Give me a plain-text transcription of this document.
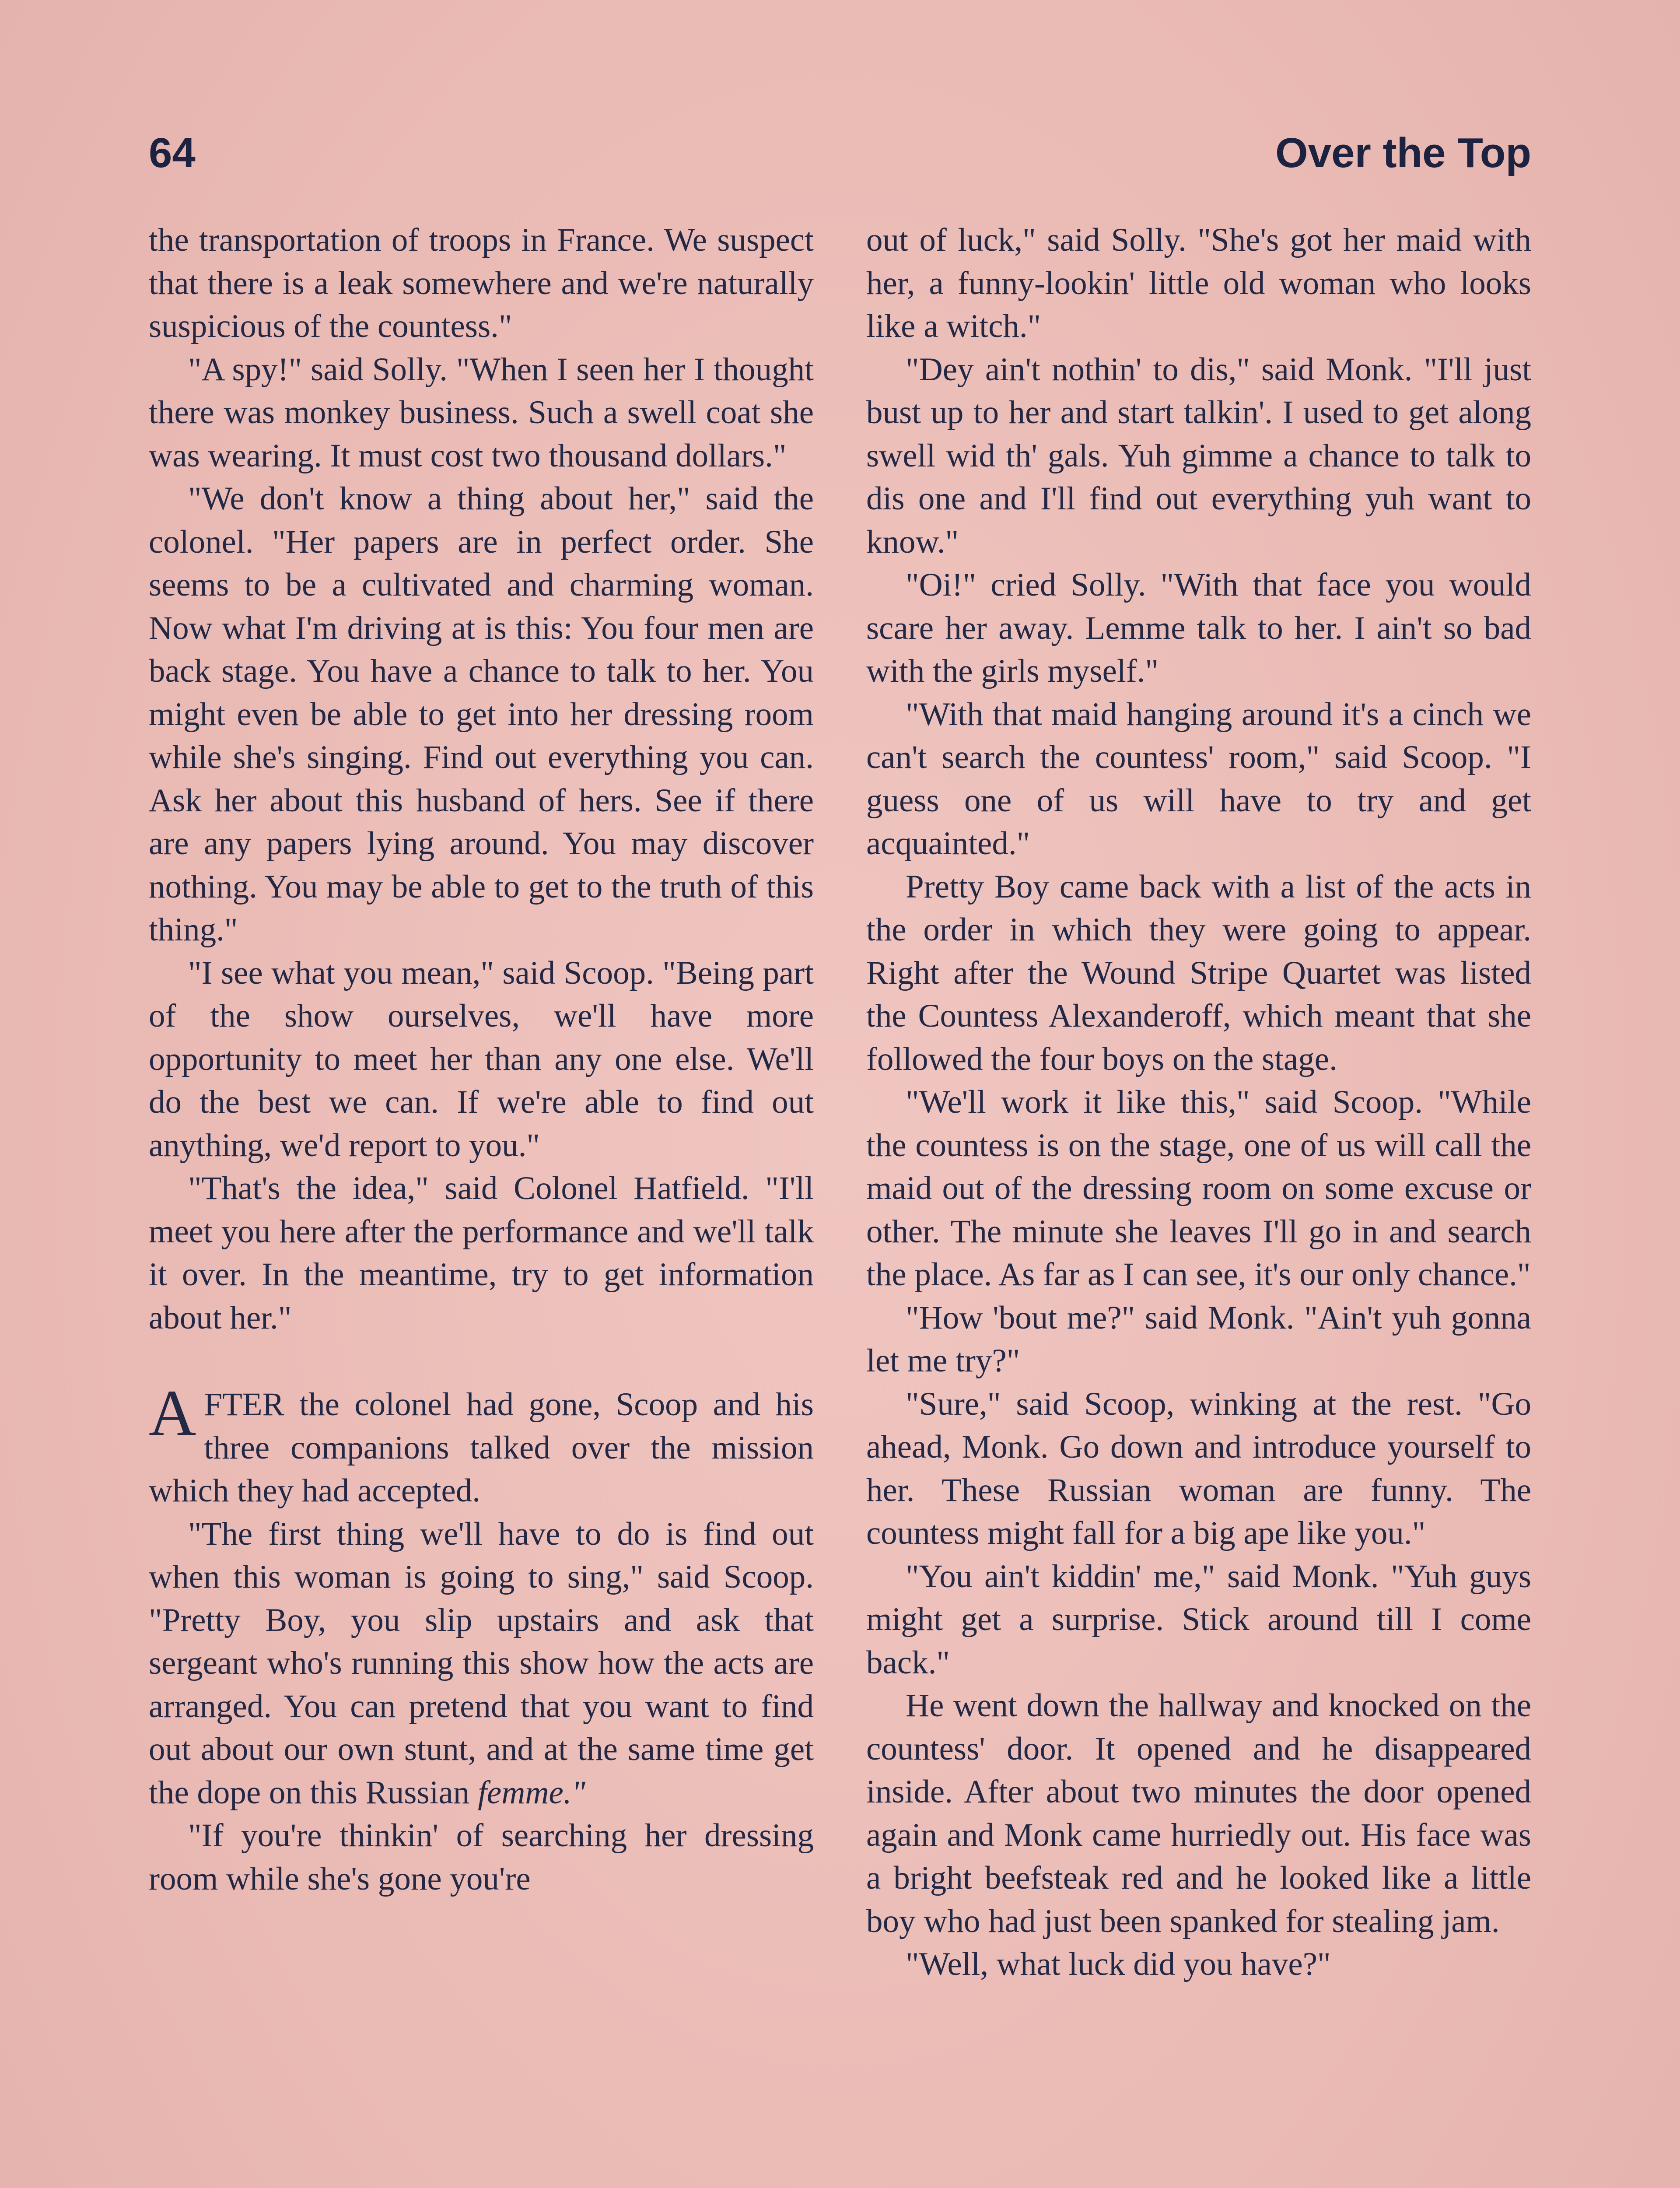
64	Over the Top

the transportation of troops in France. We suspect that there is a leak somewhere and we're naturally suspicious of the countess."

"A spy!" said Solly. "When I seen her I thought there was monkey business. Such a swell coat she was wearing. It must cost two thousand dollars."

"We don't know a thing about her," said the colonel. "Her papers are in perfect order. She seems to be a cultivated and charming woman. Now what I'm driving at is this: You four men are back stage. You have a chance to talk to her. You might even be able to get into her dressing room while she's singing. Find out everything you can. Ask her about this husband of hers. See if there are any papers lying around. You may discover nothing. You may be able to get to the truth of this thing."

"I see what you mean," said Scoop. "Being part of the show ourselves, we'll have more opportunity to meet her than any one else. We'll do the best we can. If we're able to find out anything, we'd report to you."

"That's the idea," said Colonel Hatfield. "I'll meet you here after the performance and we'll talk it over. In the meantime, try to get information about her."

AFTER the colonel had gone, Scoop and his three companions talked over the mission which they had accepted.

"The first thing we'll have to do is find out when this woman is going to sing," said Scoop. "Pretty Boy, you slip upstairs and ask that sergeant who's running this show how the acts are arranged. You can pretend that you want to find out about our own stunt, and at the same time get the dope on this Russian femme."

"If you're thinkin' of searching her dressing room while she's gone you're

out of luck," said Solly. "She's got her maid with her, a funny-lookin' little old woman who looks like a witch."

"Dey ain't nothin' to dis," said Monk. "I'll just bust up to her and start talkin'. I used to get along swell wid th' gals. Yuh gimme a chance to talk to dis one and I'll find out everything yuh want to know."

"Oi!" cried Solly. "With that face you would scare her away. Lemme talk to her. I ain't so bad with the girls myself."

"With that maid hanging around it's a cinch we can't search the countess' room," said Scoop. "I guess one of us will have to try and get acquainted."

Pretty Boy came back with a list of the acts in the order in which they were going to appear. Right after the Wound Stripe Quartet was listed the Countess Alexanderoff, which meant that she followed the four boys on the stage.

"We'll work it like this," said Scoop. "While the countess is on the stage, one of us will call the maid out of the dressing room on some excuse or other. The minute she leaves I'll go in and search the place. As far as I can see, it's our only chance."

"How 'bout me?" said Monk. "Ain't yuh gonna let me try?"

"Sure," said Scoop, winking at the rest. "Go ahead, Monk. Go down and introduce yourself to her. These Russian woman are funny. The countess might fall for a big ape like you."

"You ain't kiddin' me," said Monk. "Yuh guys might get a surprise. Stick around till I come back."

He went down the hallway and knocked on the countess' door. It opened and he disappeared inside. After about two minutes the door opened again and Monk came hurriedly out. His face was a bright beefsteak red and he looked like a little boy who had just been spanked for stealing jam.

"Well, what luck did you have?"
